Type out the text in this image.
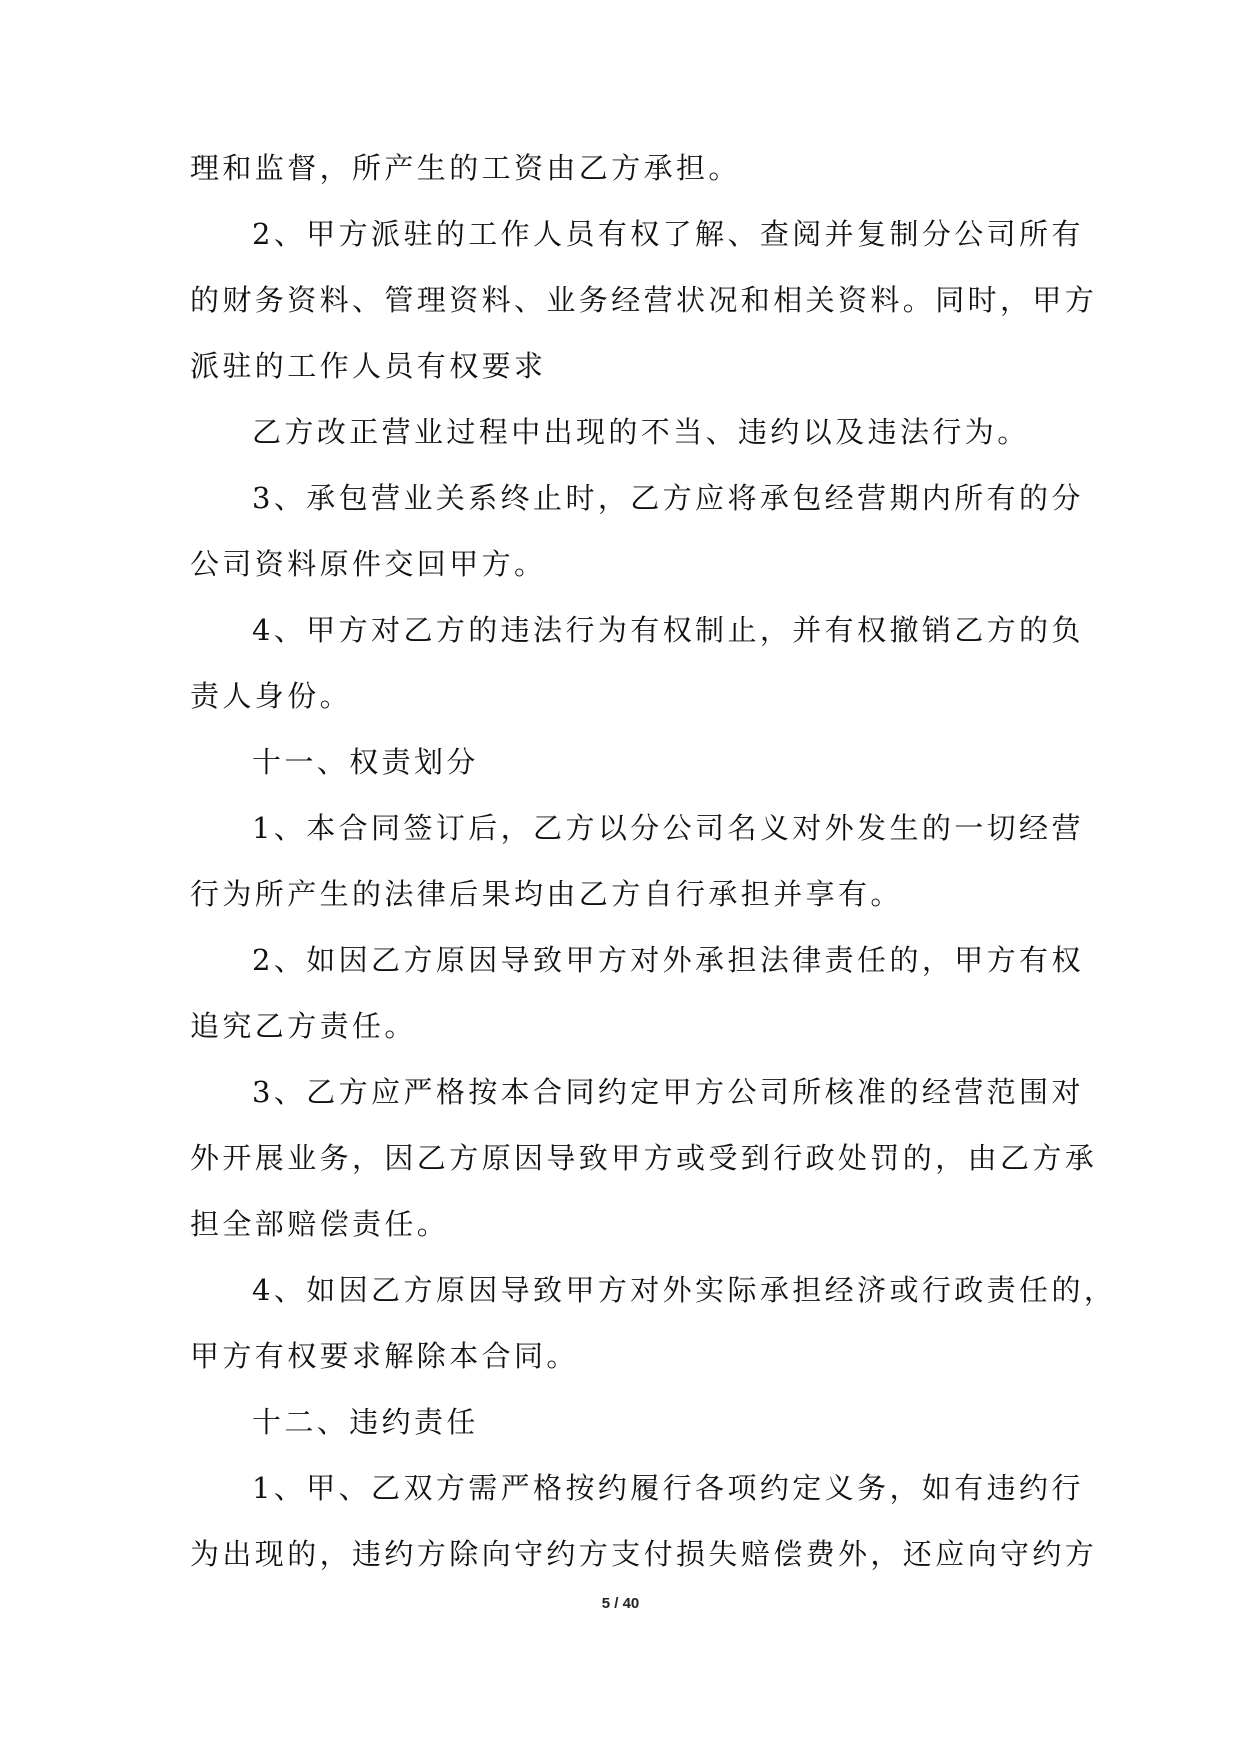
理和监督，所产生的工资由乙方承担。
2、甲方派驻的工作人员有权了解、查阅并复制分公司所有
的财务资料、管理资料、业务经营状况和相关资料。同时，甲方
派驻的工作人员有权要求
乙方改正营业过程中出现的不当、违约以及违法行为。
3、承包营业关系终止时，乙方应将承包经营期内所有的分
公司资料原件交回甲方。
4、甲方对乙方的违法行为有权制止，并有权撤销乙方的负
责人身份。
十一、权责划分
1、本合同签订后，乙方以分公司名义对外发生的一切经营
行为所产生的法律后果均由乙方自行承担并享有。
2、如因乙方原因导致甲方对外承担法律责任的，甲方有权
追究乙方责任。
3、乙方应严格按本合同约定甲方公司所核准的经营范围对
外开展业务，因乙方原因导致甲方或受到行政处罚的，由乙方承
担全部赔偿责任。
4、如因乙方原因导致甲方对外实际承担经济或行政责任的，
甲方有权要求解除本合同。
十二、违约责任
1、甲、乙双方需严格按约履行各项约定义务，如有违约行
为出现的，违约方除向守约方支付损失赔偿费外，还应向守约方
5 / 40
